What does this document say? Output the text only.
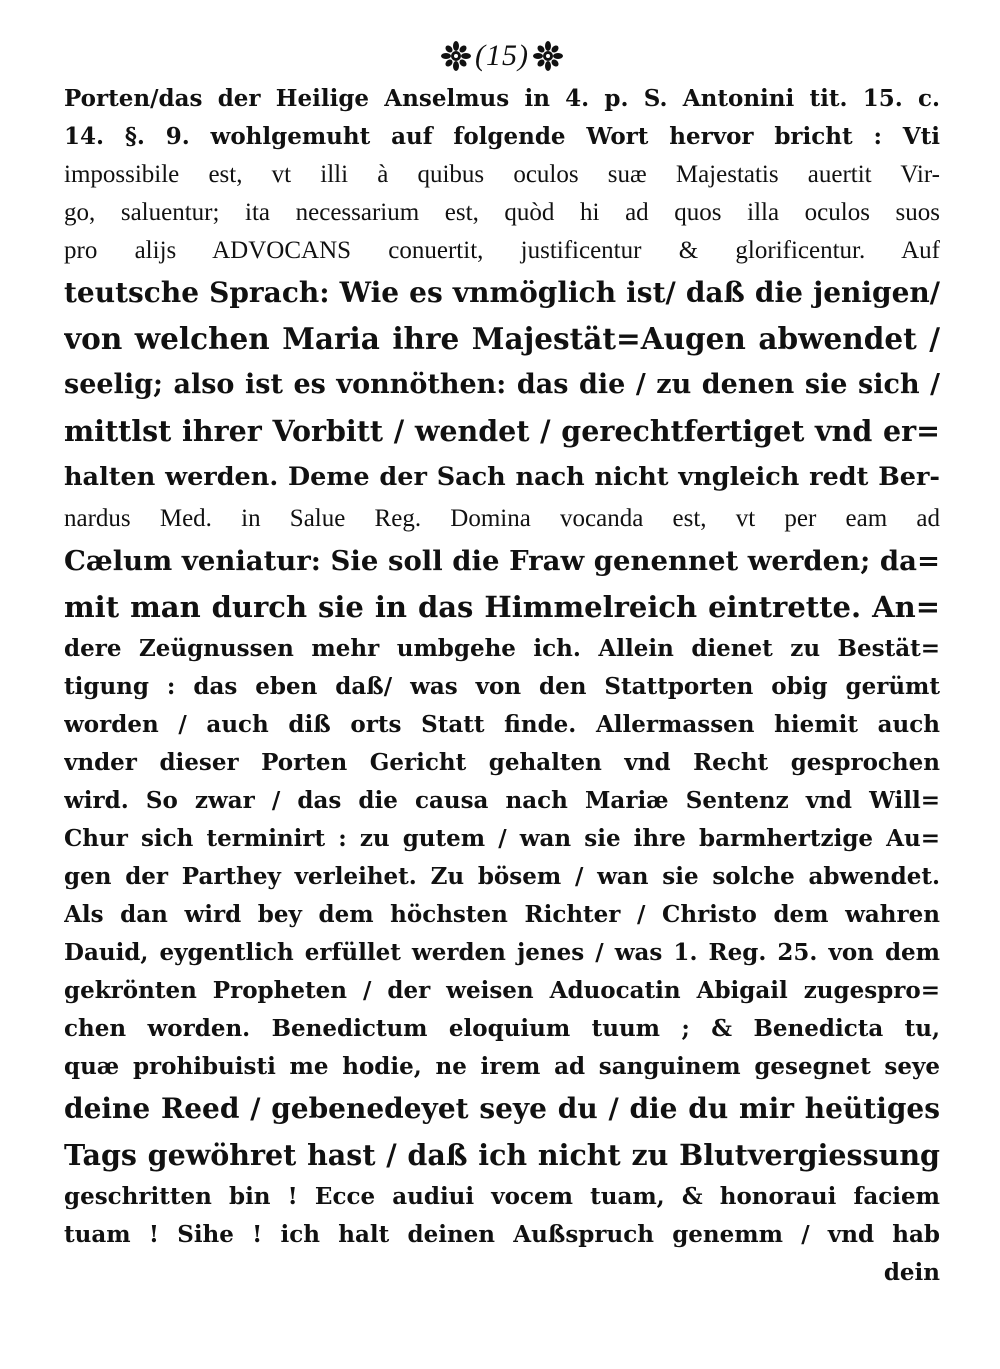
(15)
Porten/das der Heilige Anselmus in 4. p. S. Antonini tit. 15. c.
14. §. 9. wohlgemuht auf folgende Wort hervor bricht : Vti
impossibile est, vt illi à quibus oculos suæ Majestatis auertit Vir-
go, saluentur; ita necessarium est, quòd hi ad quos illa oculos suos
pro alijs ADVOCANS conuertit, justificentur & glorificentur. Auf
teutsche Sprach: Wie es vnmöglich ist/ daß die jenigen/
von welchen Maria ihre Majestät=Augen abwendet /
seelig; also ist es vonnöthen: das die / zu denen sie sich /
mittlst ihrer Vorbitt / wendet / gerechtfertiget vnd er=
halten werden. Deme der Sach nach nicht vngleich redt Ber-
nardus Med. in Salue Reg. Domina vocanda est, vt per eam ad
Cælum veniatur: Sie soll die Fraw genennet werden; da=
mit man durch sie in das Himmelreich eintrette. An=
dere Zeügnussen mehr umbgehe ich. Allein dienet zu Bestät=
tigung : das eben daß/ was von den Stattporten obig gerümt
worden / auch diß orts Statt finde. Allermassen hiemit auch
vnder dieser Porten Gericht gehalten vnd Recht gesprochen
wird. So zwar / das die causa nach Mariæ Sentenz vnd Will=
Chur sich terminirt : zu gutem / wan sie ihre barmhertzige Au=
gen der Parthey verleihet. Zu bösem / wan sie solche abwendet.
Als dan wird bey dem höchsten Richter / Christo dem wahren
Dauid, eygentlich erfüllet werden jenes / was 1. Reg. 25. von dem
gekrönten Propheten / der weisen Aduocatin Abigail zugespro=
chen worden. Benedictum eloquium tuum ; & Benedicta tu,
quæ prohibuisti me hodie, ne irem ad sanguinem gesegnet seye
deine Reed / gebenedeyet seye du / die du mir heütiges
Tags gewöhret hast / daß ich nicht zu Blutvergiessung
geschritten bin ! Ecce audiui vocem tuam, & honoraui faciem
tuam ! Sihe ! ich halt deinen Außspruch genemm / vnd hab
dein
